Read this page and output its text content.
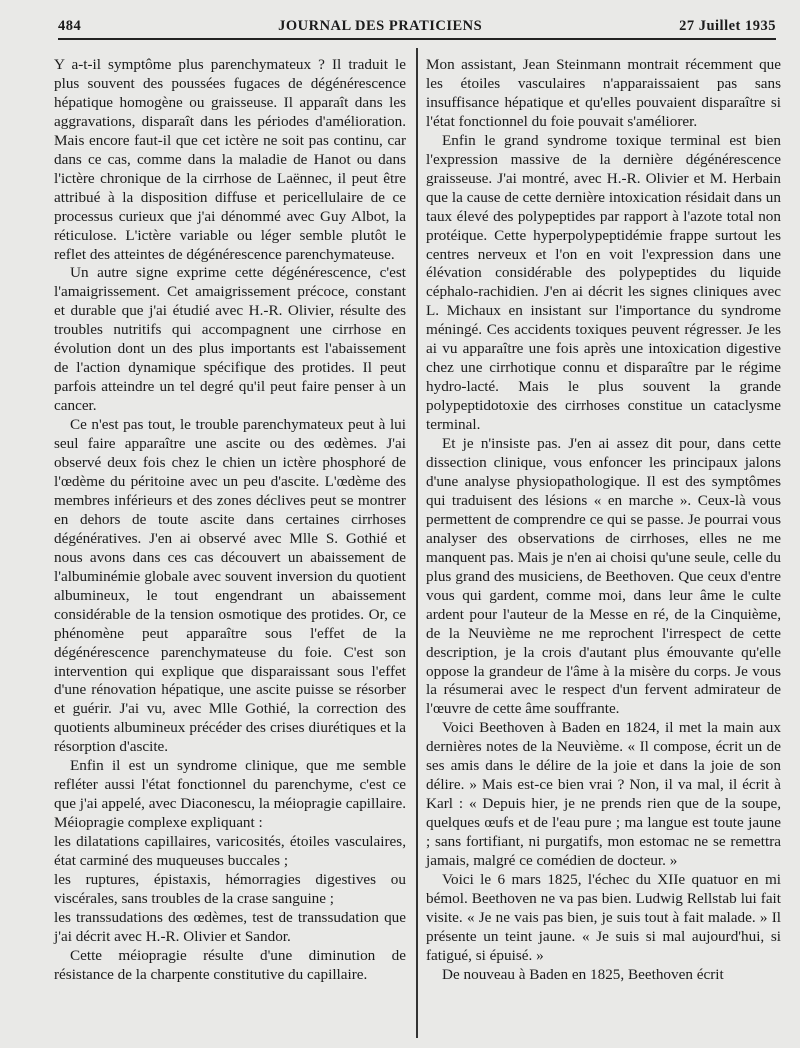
484	JOURNAL DES PRATICIENS	27 Juillet 1935

Y a-t-il symptôme plus parenchymateux ? Il traduit le plus souvent des poussées fugaces de dégénérescence hépatique homogène ou graisseuse. Il apparaît dans les aggravations, disparaît dans les périodes d'amélioration. Mais encore faut-il que cet ictère ne soit pas continu, car dans ce cas, comme dans la maladie de Hanot ou dans l'ictère chronique de la cirrhose de Laënnec, il peut être attribué à la disposition diffuse et pericellulaire de ce processus curieux que j'ai dénommé avec Guy Albot, la réticulose. L'ictère variable ou léger semble plutôt le reflet des atteintes de dégénérescence parenchymateuse.

Un autre signe exprime cette dégénérescence, c'est l'amaigrissement. Cet amaigrissement précoce, constant et durable que j'ai étudié avec H.-R. Olivier, résulte des troubles nutritifs qui accompagnent une cirrhose en évolution dont un des plus importants est l'abaissement de l'action dynamique spécifique des protides. Il peut parfois atteindre un tel degré qu'il peut faire penser à un cancer.

Ce n'est pas tout, le trouble parenchymateux peut à lui seul faire apparaître une ascite ou des œdèmes. J'ai observé deux fois chez le chien un ictère phosphoré de l'œdème du péritoine avec un peu d'ascite. L'œdème des membres inférieurs et des zones déclives peut se montrer en dehors de toute ascite dans certaines cirrhoses dégénératives. J'en ai observé avec Mlle S. Gothié et nous avons dans ces cas découvert un abaissement de l'albuminémie globale avec souvent inversion du quotient albumineux, le tout engendrant un abaissement considérable de la tension osmotique des protides. Or, ce phénomène peut apparaître sous l'effet de la dégénérescence parenchymateuse du foie. C'est son intervention qui explique que disparaissant sous l'effet d'une rénovation hépatique, une ascite puisse se résorber et guérir. J'ai vu, avec Mlle Gothié, la correction des quotients albumineux précéder des crises diurétiques et la résorption d'ascite.

Enfin il est un syndrome clinique, que me semble refléter aussi l'état fonctionnel du parenchyme, c'est ce que j'ai appelé, avec Diaconescu, la méiopragie capillaire. Méiopragie complexe expliquant :

les dilatations capillaires, varicosités, étoiles vasculaires, état carminé des muqueuses buccales ;

les ruptures, épistaxis, hémorragies digestives ou viscérales, sans troubles de la crase sanguine ;

les transsudations des œdèmes, test de transsudation que j'ai décrit avec H.-R. Olivier et Sandor.

Cette méiopragie résulte d'une diminution de résistance de la charpente constitutive du capillaire.

Mon assistant, Jean Steinmann montrait récemment que les étoiles vasculaires n'apparaissaient pas sans insuffisance hépatique et qu'elles pouvaient disparaître si l'état fonctionnel du foie pouvait s'améliorer.

Enfin le grand syndrome toxique terminal est bien l'expression massive de la dernière dégénérescence graisseuse. J'ai montré, avec H.-R. Olivier et M. Herbain que la cause de cette dernière intoxication résidait dans un taux élevé des polypeptides par rapport à l'azote total non protéique. Cette hyperpolypeptidémie frappe surtout les centres nerveux et l'on en voit l'expression dans une élévation considérable des polypeptides du liquide céphalo-rachidien. J'en ai décrit les signes cliniques avec L. Michaux en insistant sur l'importance du syndrome méningé. Ces accidents toxiques peuvent régresser. Je les ai vu apparaître une fois après une intoxication digestive chez une cirrhotique connu et disparaître par le régime hydro-lacté. Mais le plus souvent la grande polypeptidotoxie des cirrhoses constitue un cataclysme terminal.

Et je n'insiste pas. J'en ai assez dit pour, dans cette dissection clinique, vous enfoncer les principaux jalons d'une analyse physiopathologique. Il est des symptômes qui traduisent des lésions « en marche ». Ceux-là vous permettent de comprendre ce qui se passe. Je pourrai vous analyser des observations de cirrhoses, elles ne me manquent pas. Mais je n'en ai choisi qu'une seule, celle du plus grand des musiciens, de Beethoven. Que ceux d'entre vous qui gardent, comme moi, dans leur âme le culte ardent pour l'auteur de la Messe en ré, de la Cinquième, de la Neuvième ne me reprochent l'irrespect de cette description, je la crois d'autant plus émouvante qu'elle oppose la grandeur de l'âme à la misère du corps. Je vous la résumerai avec le respect d'un fervent admirateur de l'œuvre de cette âme souffrante.

Voici Beethoven à Baden en 1824, il met la main aux dernières notes de la Neuvième. « Il compose, écrit un de ses amis dans le délire de la joie et dans la joie de son délire. » Mais est-ce bien vrai ? Non, il va mal, il écrit à Karl : « Depuis hier, je ne prends rien que de la soupe, quelques œufs et de l'eau pure ; ma langue est toute jaune ; sans fortifiant, ni purgatifs, mon estomac ne se remettra jamais, malgré ce comédien de docteur. »

Voici le 6 mars 1825, l'échec du XIIe quatuor en mi bémol. Beethoven ne va pas bien. Ludwig Rellstab lui fait visite. « Je ne vais pas bien, je suis tout à fait malade. » Il présente un teint jaune. « Je suis si mal aujourd'hui, si fatigué, si épuisé. »

De nouveau à Baden en 1825, Beethoven écrit
